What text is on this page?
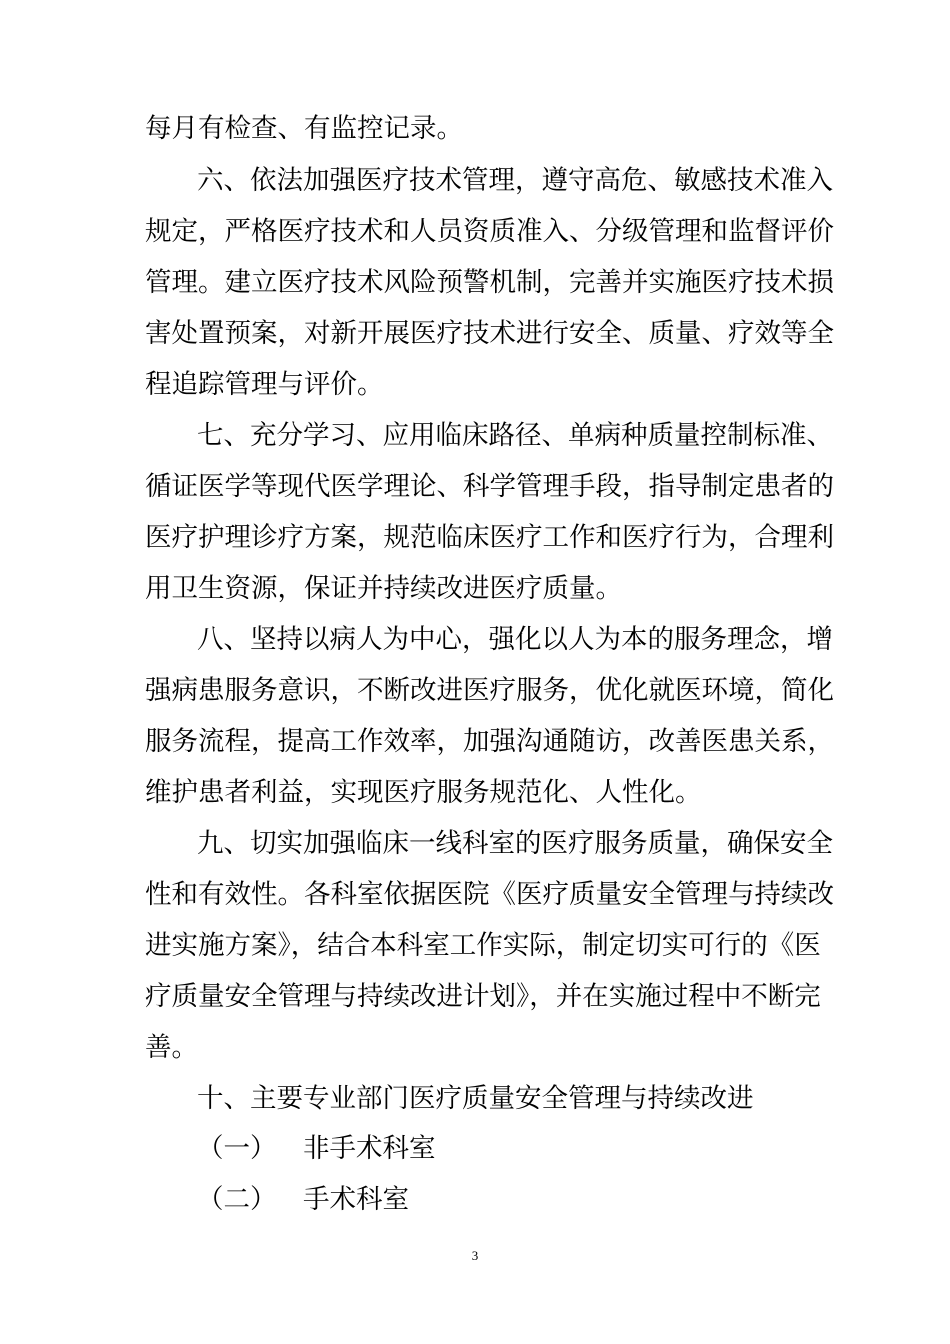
每月有检查、有监控记录。
六、依法加强医疗技术管理，遵守高危、敏感技术准入
规定，严格医疗技术和人员资质准入、分级管理和监督评价
管理。建立医疗技术风险预警机制，完善并实施医疗技术损
害处置预案，对新开展医疗技术进行安全、质量、疗效等全
程追踪管理与评价。
七、充分学习、应用临床路径、单病种质量控制标准、
循证医学等现代医学理论、科学管理手段，指导制定患者的
医疗护理诊疗方案，规范临床医疗工作和医疗行为，合理利
用卫生资源，保证并持续改进医疗质量。
八、坚持以病人为中心，强化以人为本的服务理念，增
强病患服务意识，不断改进医疗服务，优化就医环境，简化
服务流程，提高工作效率，加强沟通随访，改善医患关系，
维护患者利益，实现医疗服务规范化、人性化。
九、切实加强临床一线科室的医疗服务质量，确保安全
性和有效性。各科室依据医院《医疗质量安全管理与持续改
进实施方案》，结合本科室工作实际，制定切实可行的《医
疗质量安全管理与持续改进计划》，并在实施过程中不断完
善。
十、主要专业部门医疗质量安全管理与持续改进
（一） 非手术科室
（二） 手术科室
3
